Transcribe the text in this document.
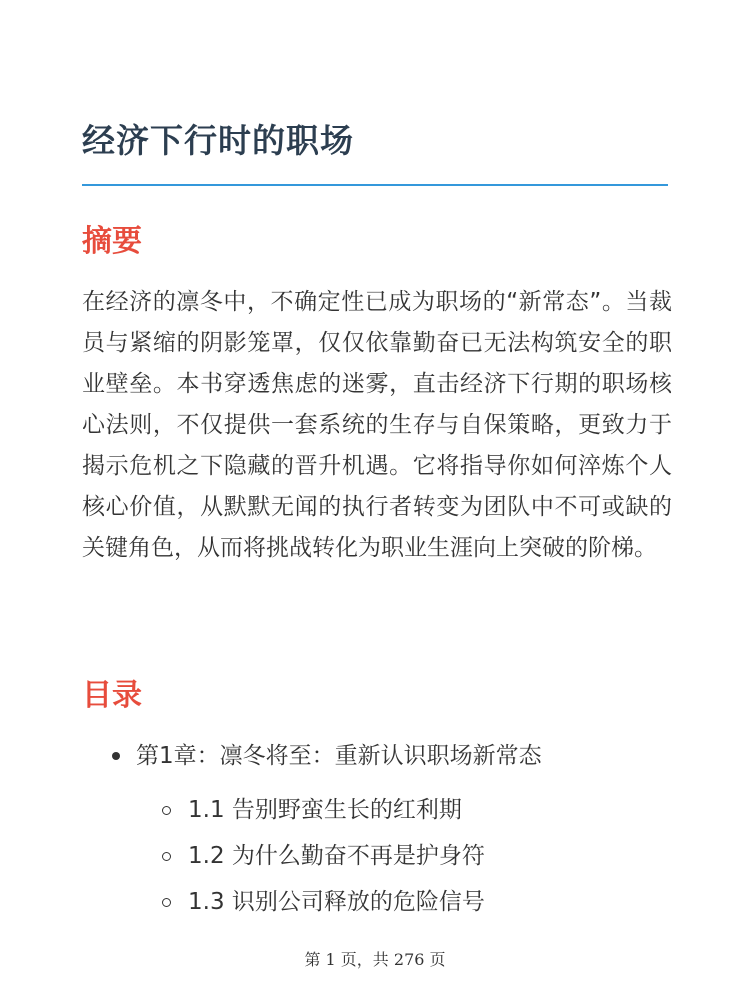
经济下行时的职场
摘要

在经济的凛冬中，不确定性已成为职场的“新常态”。当裁员与紧缩的阴影笼罩，仅仅依靠勤奋已无法构筑安全的职业壁垒。本书穿透焦虑的迷雾，直击经济下行期的职场核心法则，不仅提供一套系统的生存与自保策略，更致力于揭示危机之下隐藏的晋升机遇。它将指导你如何淬炼个人核心价值，从默默无闻的执行者转变为团队中不可或缺的关键角色，从而将挑战转化为职业生涯向上突破的阶梯。

目录
第1章：凛冬将至：重新认识职场新常态
1.1 告别野蛮生长的红利期
1.2 为什么勤奋不再是护身符
1.3 识别公司释放的危险信号
第 1 页，共 276 页
